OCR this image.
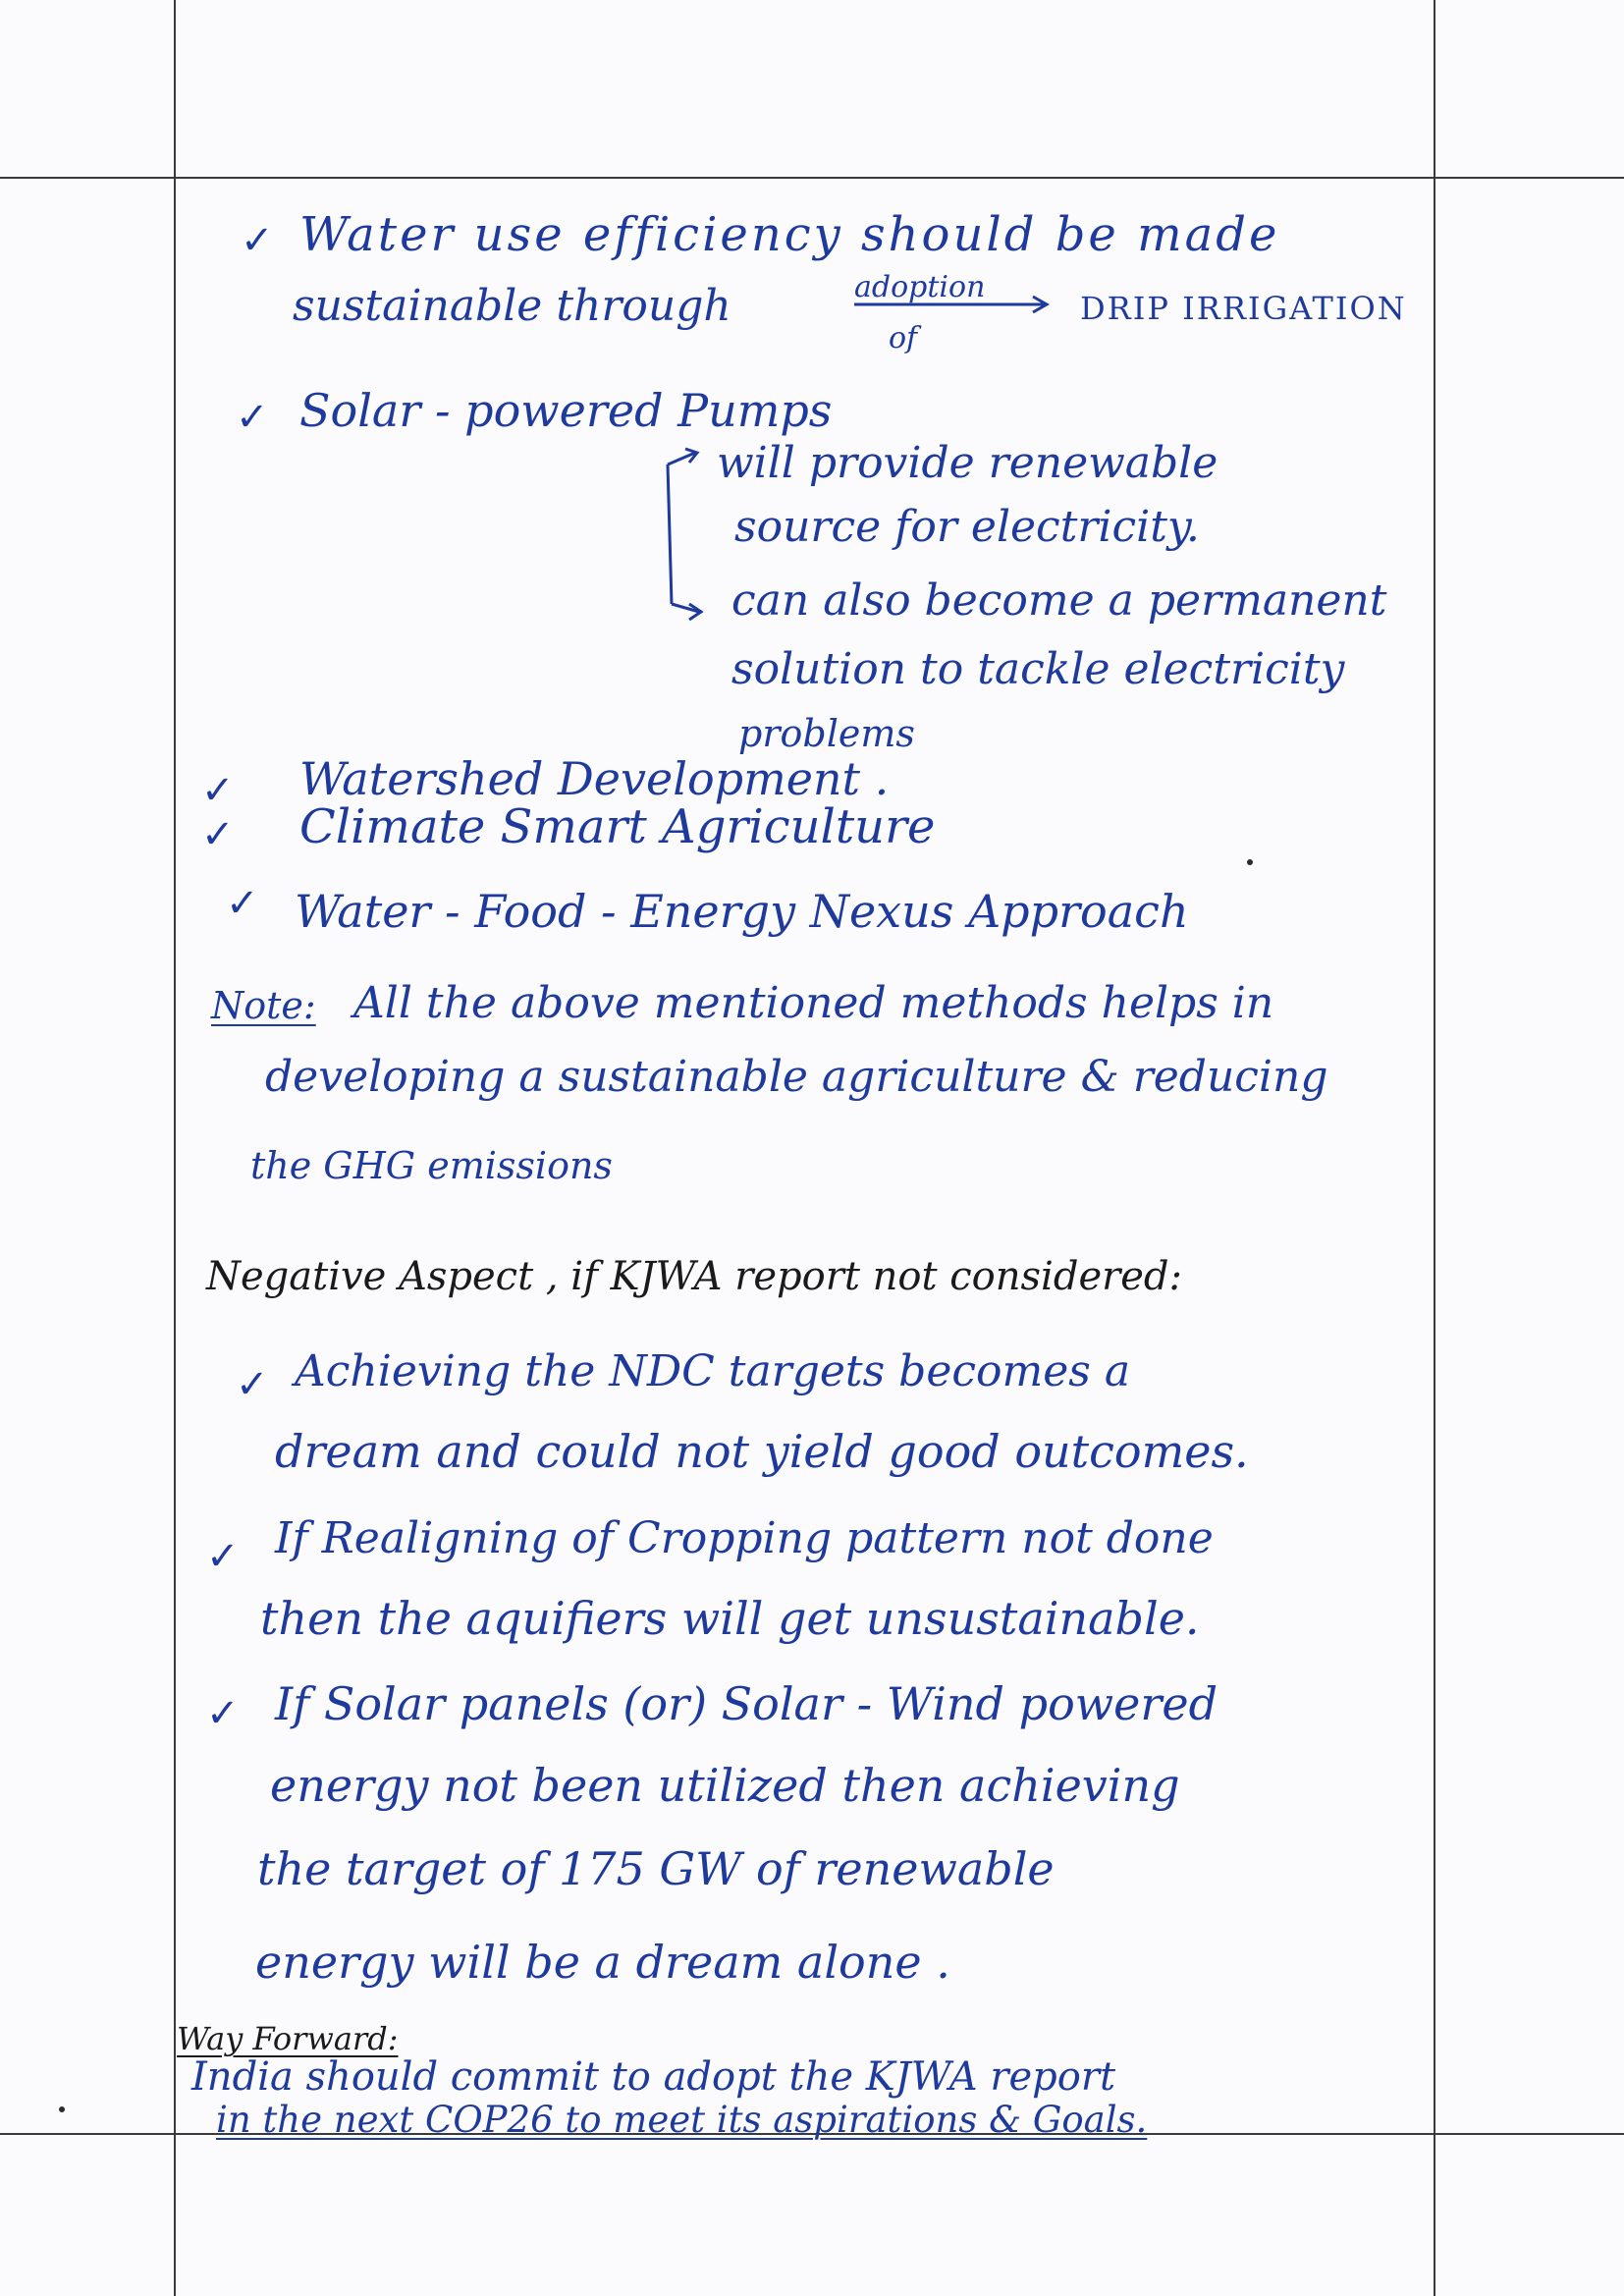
✓ Water use efficiency should be made
sustainable through	adoption
of
DRIP IRRIGATION
✓ Solar - powered Pumps
will provide renewable
source for electricity.
can also become a permanent
solution to tackle electricity
problems
✓ Watershed Development .
✓ Climate Smart Agriculture
✓ Water - Food - Energy Nexus Approach
Note: All the above mentioned methods helps in
developing a sustainable agriculture & reducing
the GHG emissions
Negative Aspect , if KJWA report not considered:
✓ Achieving the NDC targets becomes a
dream and could not yield good outcomes.
✓ If Realigning of Cropping pattern not done
then the aquifiers will get unsustainable.
✓ If Solar panels (or) Solar - Wind powered
energy not been utilized then achieving
the target of 175 GW of renewable
energy will be a dream alone .
Way Forward:
India should commit to adopt the KJWA report
in the next COP26 to meet its aspirations & Goals.
